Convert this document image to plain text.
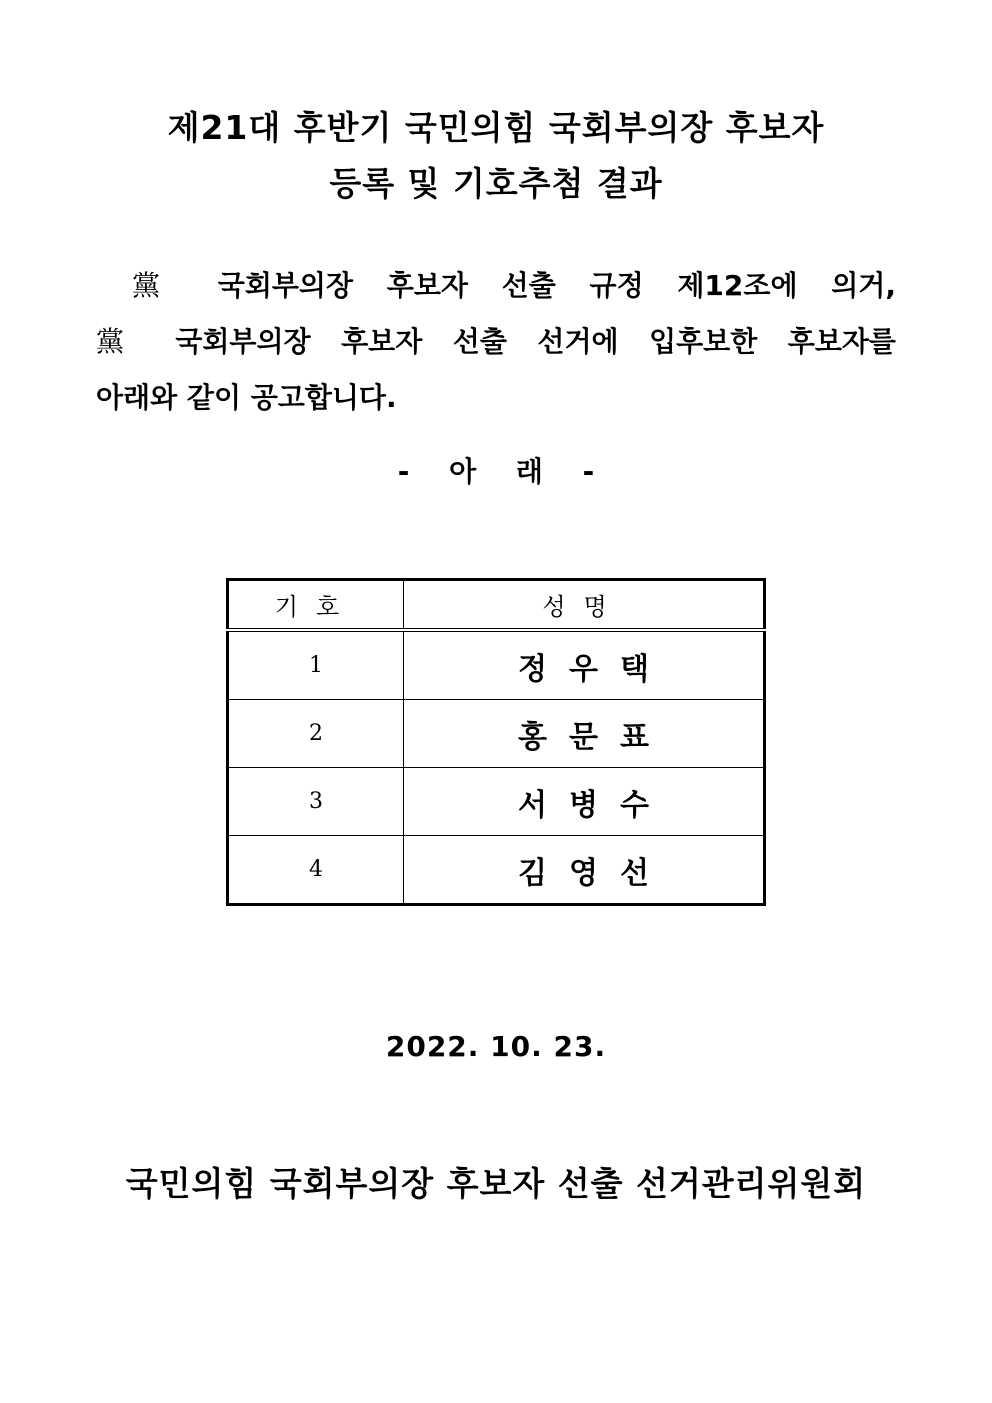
제21대 후반기 국민의힘 국회부의장 후보자
등록 및 기호추첨 결과
黨 국회부의장 후보자 선출 규정 제12조에 의거,
黨 국회부의장 후보자 선출 선거에 입후보한 후보자를
아래와 같이 공고합니다.
- 아 래 -
기호	성명
1	정우택
2	홍문표
3	서병수
4	김영선
2022. 10. 23.
국민의힘 국회부의장 후보자 선출 선거관리위원회
